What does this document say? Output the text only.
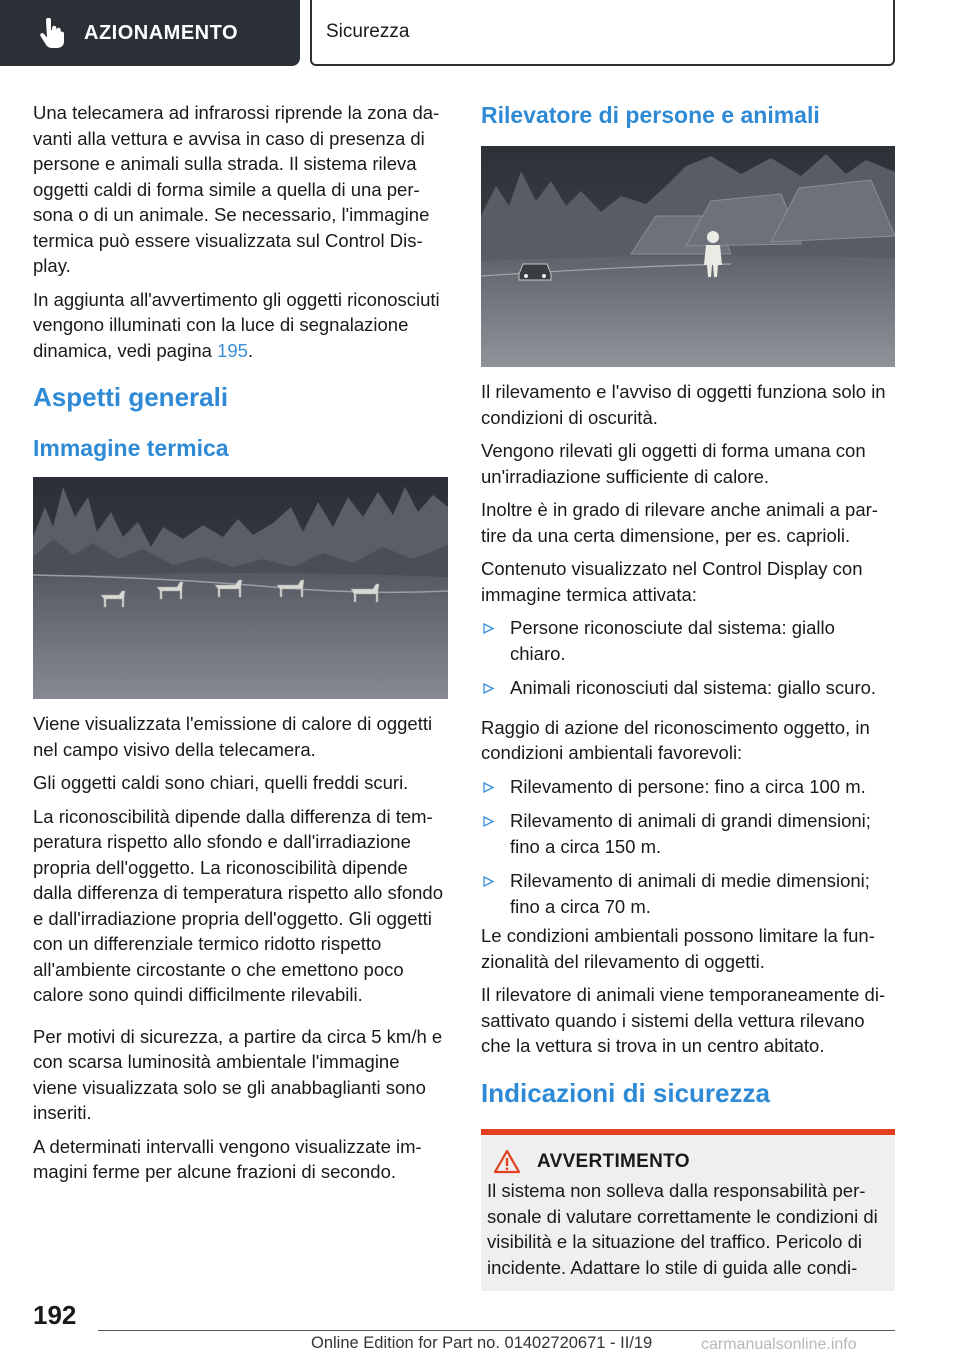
AZIONAMENTO	Sicurezza

Una telecamera ad infrarossi riprende la zona davanti alla vettura e avvisa in caso di presenza di persone e animali sulla strada. Il sistema rileva oggetti caldi di forma simile a quella di una persona o di un animale. Se necessario, l'immagine termica può essere visualizzata sul Control Display.

In aggiunta all'avvertimento gli oggetti riconosciuti vengono illuminati con la luce di segnalazione dinamica, vedi pagina 195.

Aspetti generali
Immagine termica

Viene visualizzata l'emissione di calore di oggetti nel campo visivo della telecamera.

Gli oggetti caldi sono chiari, quelli freddi scuri.

La riconoscibilità dipende dalla differenza di temperatura rispetto allo sfondo e dall'irradiazione propria dell'oggetto. La riconoscibilità dipende dalla differenza di temperatura rispetto allo sfondo e dall'irradiazione propria dell'oggetto. Gli oggetti con un differenziale termico ridotto rispetto all'ambiente circostante o che emettono poco calore sono quindi difficilmente rilevabili.

Per motivi di sicurezza, a partire da circa 5 km/h e con scarsa luminosità ambientale l'immagine viene visualizzata solo se gli anabbaglianti sono inseriti.

A determinati intervalli vengono visualizzate immagini ferme per alcune frazioni di secondo.

Rilevatore di persone e animali

Il rilevamento e l'avviso di oggetti funziona solo in condizioni di oscurità.

Vengono rilevati gli oggetti di forma umana con un'irradiazione sufficiente di calore.

Inoltre è in grado di rilevare anche animali a partire da una certa dimensione, per es. caprioli.

Contenuto visualizzato nel Control Display con immagine termica attivata:

Persone riconosciute dal sistema: giallo chiaro.
Animali riconosciuti dal sistema: giallo scuro.

Raggio di azione del riconoscimento oggetto, in condizioni ambientali favorevoli:

Rilevamento di persone: fino a circa 100 m.
Rilevamento di animali di grandi dimensioni; fino a circa 150 m.
Rilevamento di animali di medie dimensioni; fino a circa 70 m.

Le condizioni ambientali possono limitare la funzionalità del rilevamento di oggetti.

Il rilevatore di animali viene temporaneamente disattivato quando i sistemi della vettura rilevano che la vettura si trova in un centro abitato.

Indicazioni di sicurezza
AVVERTIMENTO

Il sistema non solleva dalla responsabilità personale di valutare correttamente le condizioni di visibilità e la situazione del traffico. Pericolo di incidente. Adattare lo stile di guida alle condi-

192
Online Edition for Part no. 01402720671 - II/19	carmanualsonline.info
